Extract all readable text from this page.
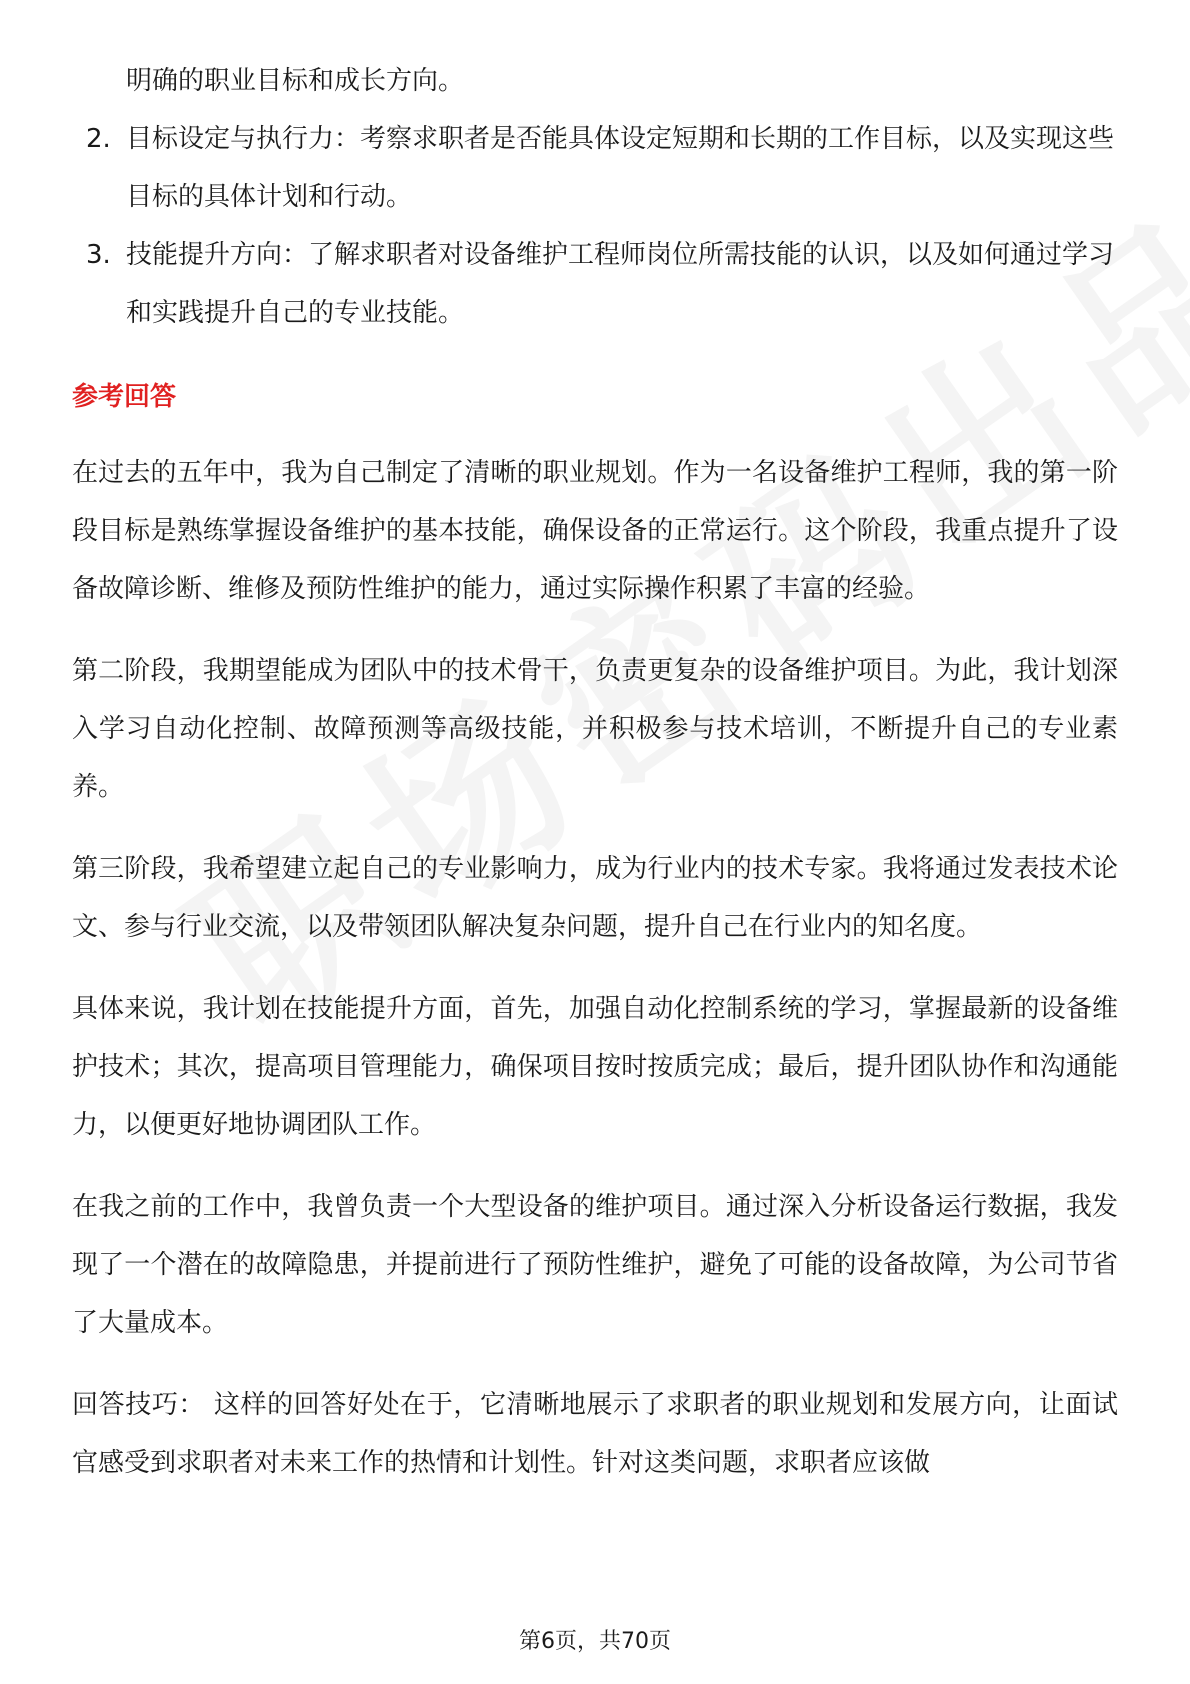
明确的职业目标和成长方向。
2. 目标设定与执行力：考察求职者是否能具体设定短期和长期的工作目标，以及实现这些目标的具体计划和行动。
3. 技能提升方向：了解求职者对设备维护工程师岗位所需技能的认识，以及如何通过学习和实践提升自己的专业技能。
参考回答

在过去的五年中，我为自己制定了清晰的职业规划。作为一名设备维护工程师，我的第一阶段目标是熟练掌握设备维护的基本技能，确保设备的正常运行。这个阶段，我重点提升了设备故障诊断、维修及预防性维护的能力，通过实际操作积累了丰富的经验。

第二阶段，我期望能成为团队中的技术骨干，负责更复杂的设备维护项目。为此，我计划深入学习自动化控制、故障预测等高级技能，并积极参与技术培训，不断提升自己的专业素养。

第三阶段，我希望建立起自己的专业影响力，成为行业内的技术专家。我将通过发表技术论文、参与行业交流，以及带领团队解决复杂问题，提升自己在行业内的知名度。

具体来说，我计划在技能提升方面，首先，加强自动化控制系统的学习，掌握最新的设备维护技术；其次，提高项目管理能力，确保项目按时按质完成；最后，提升团队协作和沟通能力，以便更好地协调团队工作。

在我之前的工作中，我曾负责一个大型设备的维护项目。通过深入分析设备运行数据，我发现了一个潜在的故障隐患，并提前进行了预防性维护，避免了可能的设备故障，为公司节省了大量成本。

回答技巧： 这样的回答好处在于，它清晰地展示了求职者的职业规划和发展方向，让面试官感受到求职者对未来工作的热情和计划性。针对这类问题，求职者应该做

第6页，共70页
